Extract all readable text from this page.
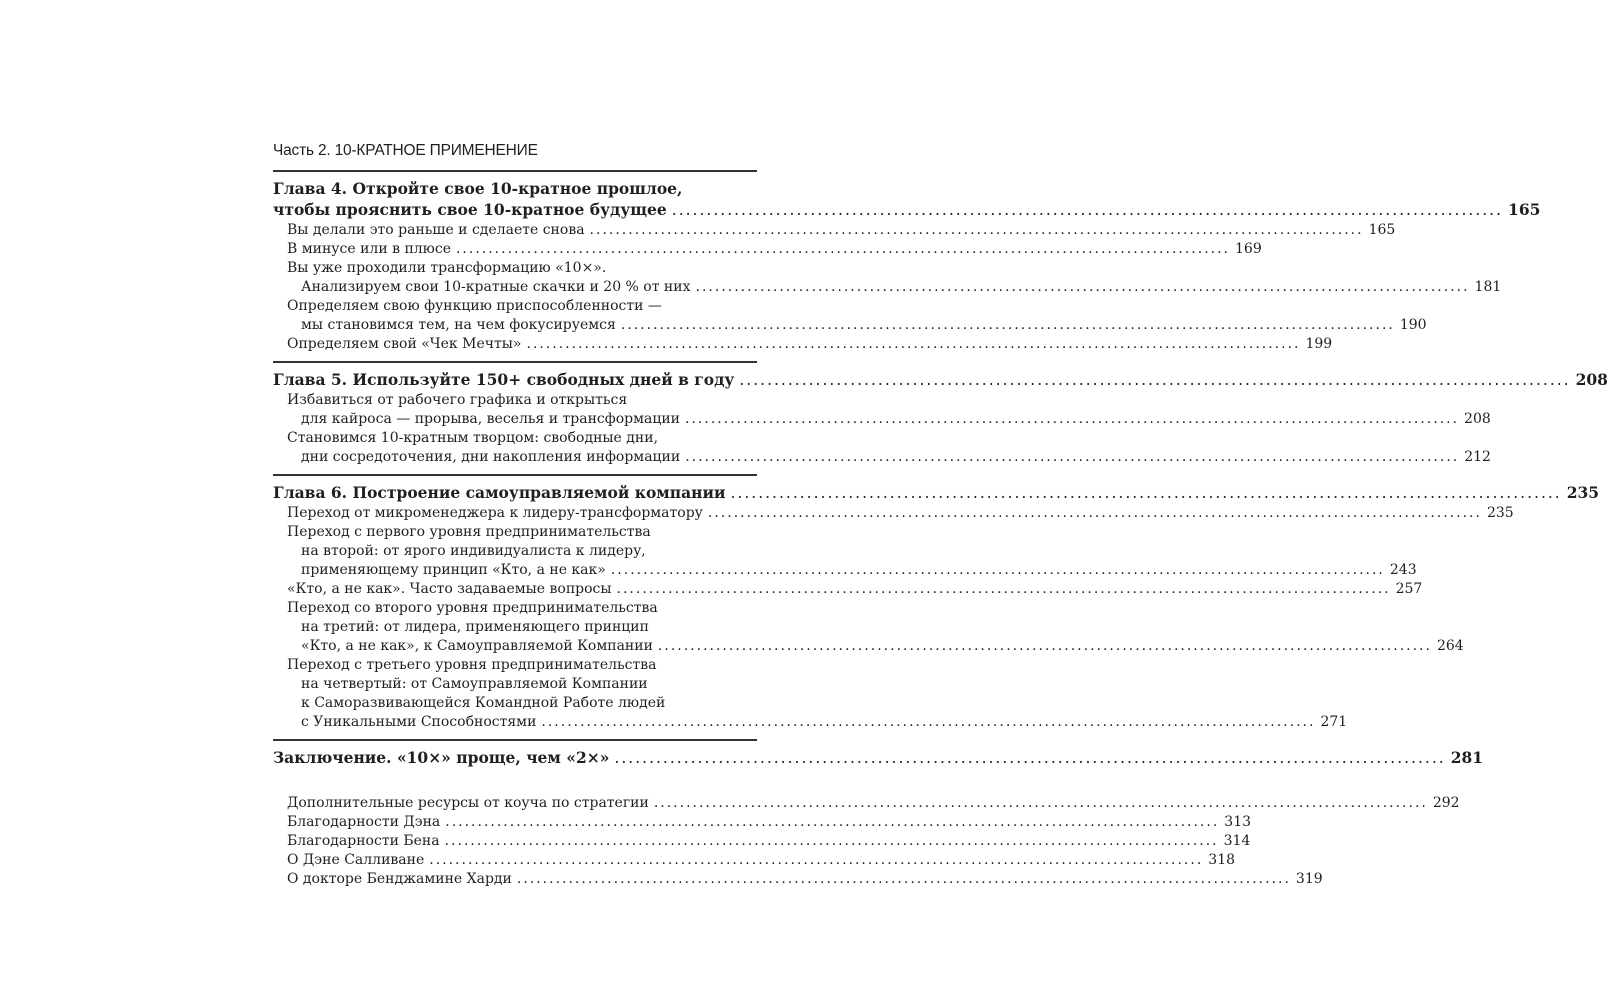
Часть 2. 10-КРАТНОЕ ПРИМЕНЕНИЕ
Глава 4. Откройте свое 10-кратное прошлое,
чтобы прояснить свое 10-кратное будущее .....	165
Вы делали это раньше и сделаете снова .....	165
В минусе или в плюсе .....	169
Вы уже проходили трансформацию «10×».
Анализируем свои 10-кратные скачки и 20 % от них .....	181
Определяем свою функцию приспособленности —
мы становимся тем, на чем фокусируемся .....	190
Определяем свой «Чек Мечты» .....	199
Глава 5. Используйте 150+ свободных дней в году .....	208
Избавиться от рабочего графика и открыться
для кайроса — прорыва, веселья и трансформации .....	208
Становимся 10-кратным творцом: свободные дни,
дни сосредоточения, дни накопления информации .....	212
Глава 6. Построение самоуправляемой компании .....	235
Переход от микроменеджера к лидеру-трансформатору .....	235
Переход с первого уровня предпринимательства
на второй: от ярого индивидуалиста к лидеру,
применяющему принцип «Кто, а не как» .....	243
«Кто, а не как». Часто задаваемые вопросы .....	257
Переход со второго уровня предпринимательства
на третий: от лидера, применяющего принцип
«Кто, а не как», к Самоуправляемой Компании .....	264
Переход с третьего уровня предпринимательства
на четвертый: от Самоуправляемой Компании
к Саморазвивающейся Командной Работе людей
с Уникальными Способностями .....	271
Заключение. «10×» проще, чем «2×» .....	281
Дополнительные ресурсы от коуча по стратегии .....	292
Благодарности Дэна .....	313
Благодарности Бена .....	314
О Дэне Салливане .....	318
О докторе Бенджамине Харди .....	319
